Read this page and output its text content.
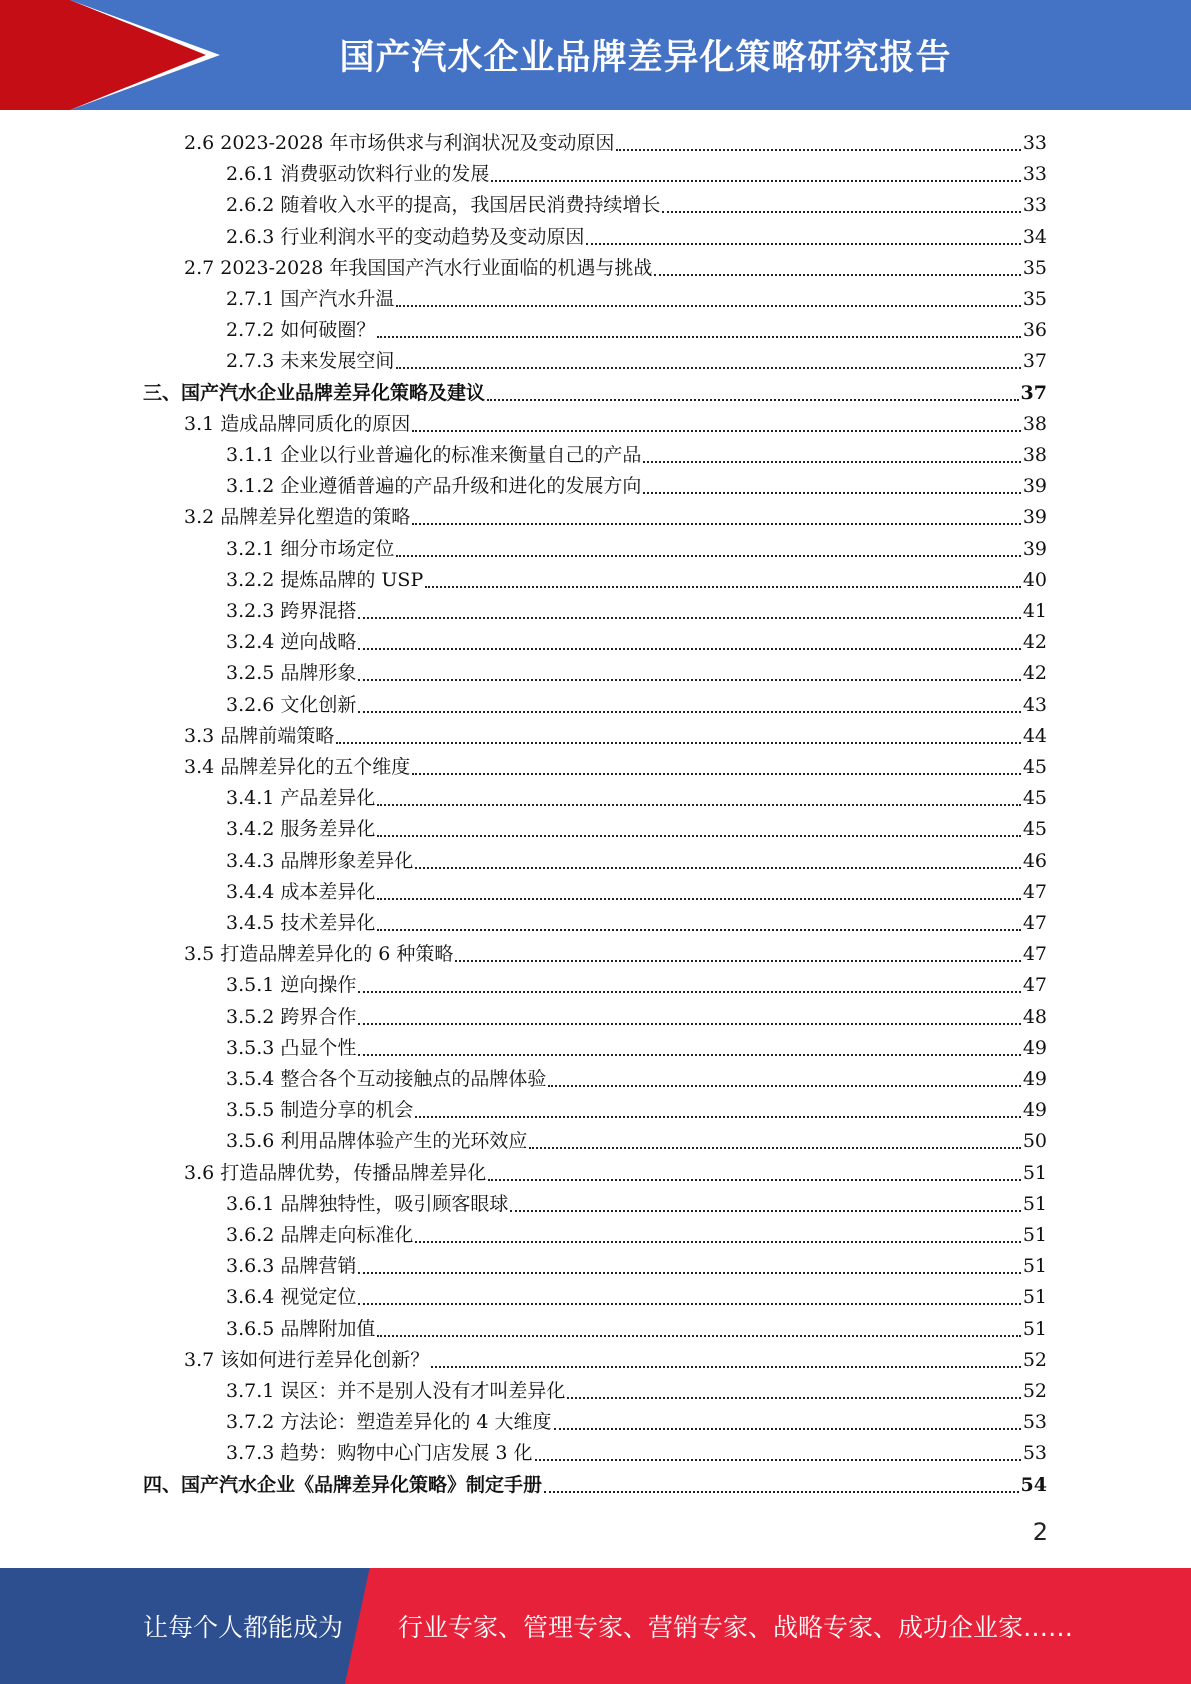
国产汽水企业品牌差异化策略研究报告
2.6 2023-2028 年市场供求与利润状况及变动原因	33
2.6.1 消费驱动饮料行业的发展	33
2.6.2 随着收入水平的提高，我国居民消费持续增长	33
2.6.3 行业利润水平的变动趋势及变动原因	34
2.7 2023-2028 年我国国产汽水行业面临的机遇与挑战	35
2.7.1 国产汽水升温	35
2.7.2 如何破圈？	36
2.7.3 未来发展空间	37
三、国产汽水企业品牌差异化策略及建议	37
3.1 造成品牌同质化的原因	38
3.1.1 企业以行业普遍化的标准来衡量自己的产品	38
3.1.2 企业遵循普遍的产品升级和进化的发展方向	39
3.2 品牌差异化塑造的策略	39
3.2.1 细分市场定位	39
3.2.2 提炼品牌的 USP	40
3.2.3 跨界混搭	41
3.2.4 逆向战略	42
3.2.5 品牌形象	42
3.2.6 文化创新	43
3.3 品牌前端策略	44
3.4 品牌差异化的五个维度	45
3.4.1 产品差异化	45
3.4.2 服务差异化	45
3.4.3 品牌形象差异化	46
3.4.4 成本差异化	47
3.4.5 技术差异化	47
3.5 打造品牌差异化的 6 种策略	47
3.5.1 逆向操作	47
3.5.2 跨界合作	48
3.5.3 凸显个性	49
3.5.4 整合各个互动接触点的品牌体验	49
3.5.5 制造分享的机会	49
3.5.6 利用品牌体验产生的光环效应	50
3.6 打造品牌优势，传播品牌差异化	51
3.6.1 品牌独特性，吸引顾客眼球	51
3.6.2 品牌走向标准化	51
3.6.3 品牌营销	51
3.6.4 视觉定位	51
3.6.5 品牌附加值	51
3.7 该如何进行差异化创新？	52
3.7.1 误区：并不是别人没有才叫差异化	52
3.7.2 方法论：塑造差异化的 4 大维度	53
3.7.3 趋势：购物中心门店发展 3 化	53
四、国产汽水企业《品牌差异化策略》制定手册	54
2
让每个人都能成为 行业专家、管理专家、营销专家、战略专家、成功企业家……
